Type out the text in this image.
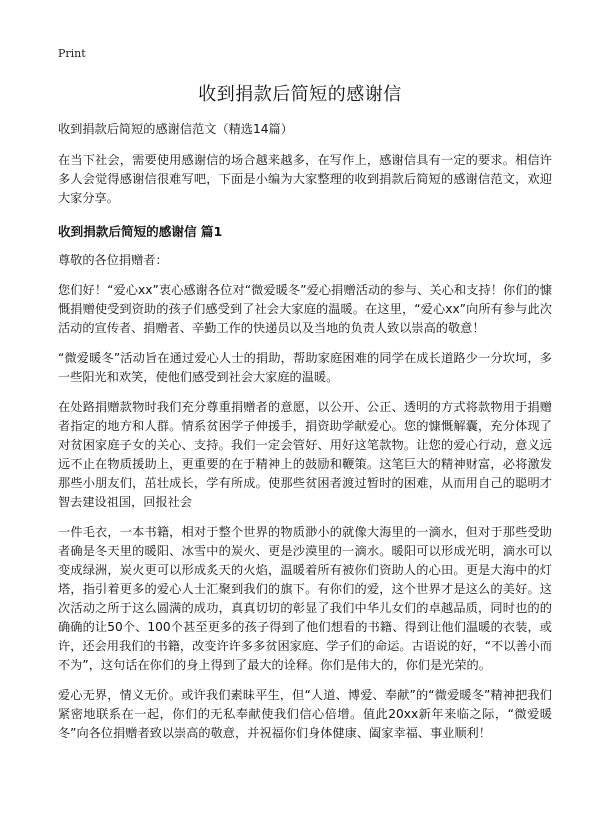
Print
收到捐款后简短的感谢信

收到捐款后简短的感谢信范文（精选14篇）

在当下社会，需要使用感谢信的场合越来越多，在写作上，感谢信具有一定的要求。相信许多人会觉得感谢信很难写吧，下面是小编为大家整理的收到捐款后简短的感谢信范文，欢迎大家分享。

收到捐款后简短的感谢信 篇1

尊敬的各位捐赠者：

您们好！“爱心xx”衷心感谢各位对“微爱暖冬”爱心捐赠活动的参与、关心和支持！你们的慷慨捐赠使受到资助的孩子们感受到了社会大家庭的温暖。在这里，“爱心xx”向所有参与此次活动的宣传者、捐赠者、辛勤工作的快递员以及当地的负责人致以崇高的敬意！

“微爱暖冬”活动旨在通过爱心人士的捐助，帮助家庭困难的同学在成长道路少一分坎坷，多一些阳光和欢笑，使他们感受到社会大家庭的温暖。

在处路捐赠款物时我们充分尊重捐赠者的意愿，以公开、公正、透明的方式将款物用于捐赠者指定的地方和人群。情系贫困学子伸援手，捐资助学献爱心。您的慷慨解囊，充分体现了对贫困家庭子女的关心、支持。我们一定会管好、用好这笔款物。让您的爱心行动，意义远远不止在物质援助上，更重要的在于精神上的鼓励和鞭策。这笔巨大的精神财富，必将激发那些小朋友们，茁壮成长，学有所成。使那些贫困者渡过暂时的困难，从而用自己的聪明才智去建设祖国，回报社会

一件毛衣，一本书籍，相对于整个世界的物质渺小的就像大海里的一滴水，但对于那些受助者确是冬天里的暖阳、冰雪中的炭火、更是沙漠里的一滴水。暖阳可以形成光明，滴水可以变成绿洲，炭火更可以形成炙天的火焰，温暖着所有被你们资助人的心田。更是大海中的灯塔，指引着更多的爱心人士汇聚到我们的旗下。有你们的爱，这个世界才是这么的美好。这次活动之所于这么圆满的成功，真真切切的彰显了我们中华儿女们的卓越品质，同时也的的确确的让50个、100个甚至更多的孩子得到了他们想看的书籍、得到让他们温暖的衣装，或许，还会用我们的书籍，改变许许多多贫困家庭、学子们的命运。古语说的好，“不以善小而不为”，这句话在你们的身上得到了最大的诠释。你们是伟大的，你们是光荣的。

爱心无界，情义无价。或许我们素昧平生，但“人道、博爱、奉献”的“微爱暖冬”精神把我们紧密地联系在一起，你们的无私奉献使我们信心倍增。值此20xx新年来临之际，“微爱暖冬”向各位捐赠者致以崇高的敬意，并祝福你们身体健康、阖家幸福、事业顺利！
